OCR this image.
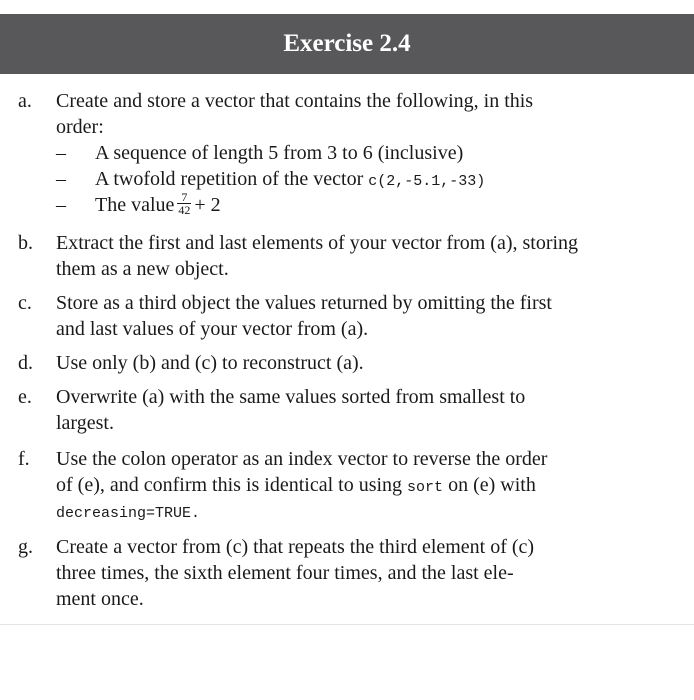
Exercise 2.4
a.	Create and store a vector that contains the following, in this
order:
– A sequence of length 5 from 3 to 6 (inclusive)
– A twofold repetition of the vector c(2,-5.1,-33)
– The value $\frac{7}{42} + 2$
b.	Extract the first and last elements of your vector from (a), storing
them as a new object.
c.	Store as a third object the values returned by omitting the first
and last values of your vector from (a).
d.	Use only (b) and (c) to reconstruct (a).
e.	Overwrite (a) with the same values sorted from smallest to
largest.
f.	Use the colon operator as an index vector to reverse the order
of (e), and confirm this is identical to using sort on (e) with
decreasing=TRUE.
g.	Create a vector from (c) that repeats the third element of (c)
three times, the sixth element four times, and the last ele-
ment once.
